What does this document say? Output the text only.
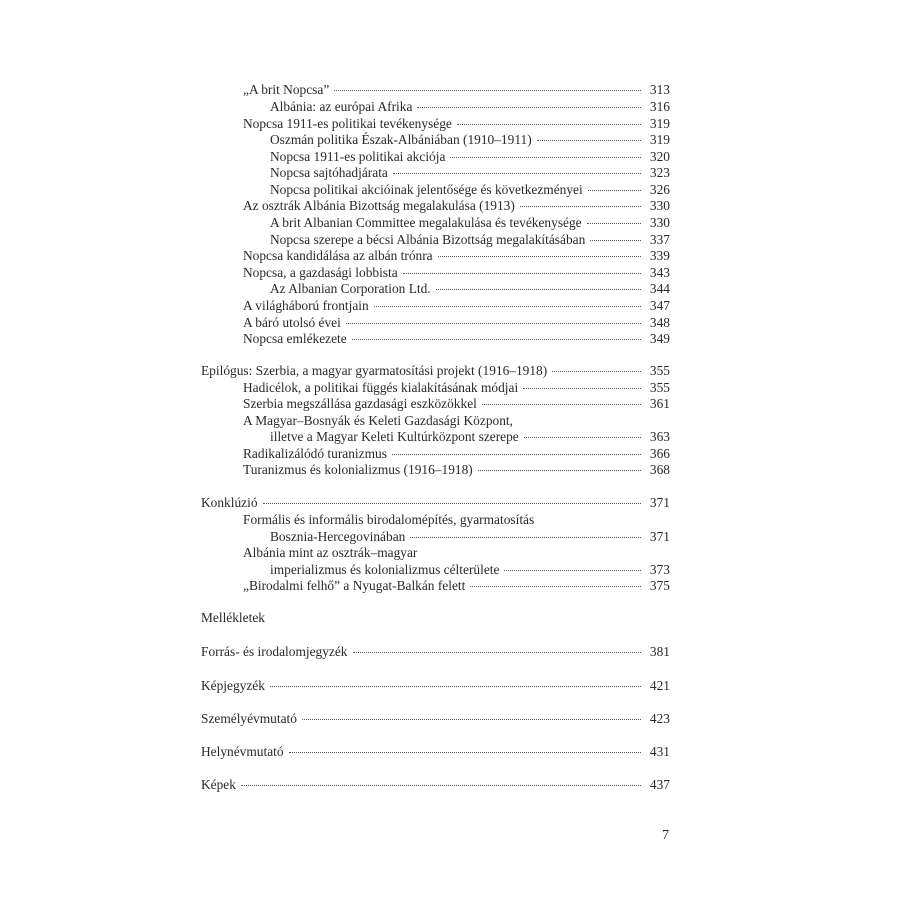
„A brit Nopcsa”	313
Albánia: az európai Afrika	316
Nopcsa 1911-es politikai tevékenysége	319
Oszmán politika Észak-Albániában (1910–1911)	319
Nopcsa 1911-es politikai akciója	320
Nopcsa sajtóhadjárata	323
Nopcsa politikai akcióinak jelentősége és következményei	326
Az osztrák Albánia Bizottság megalakulása (1913)	330
A brit Albanian Committee megalakulása és tevékenysége	330
Nopcsa szerepe a bécsi Albánia Bizottság megalakításában	337
Nopcsa kandidálása az albán trónra	339
Nopcsa, a gazdasági lobbista	343
Az Albanian Corporation Ltd.	344
A világháború frontjain	347
A báró utolsó évei	348
Nopcsa emlékezete	349
Epilógus: Szerbia, a magyar gyarmatosítási projekt (1916–1918)	355
Hadicélok, a politikai függés kialakításának módjai	355
Szerbia megszállása gazdasági eszközökkel	361
A Magyar–Bosnyák és Keleti Gazdasági Központ,
illetve a Magyar Keleti Kultúrközpont szerepe	363
Radikalizálódó turanizmus	366
Turanizmus és kolonializmus (1916–1918)	368
Konklúzió	371
Formális és informális birodalomépítés, gyarmatosítás
Bosznia-Hercegovinában	371
Albánia mint az osztrák–magyar
imperializmus és kolonializmus célterülete	373
„Birodalmi felhő” a Nyugat-Balkán felett	375
Mellékletek
Forrás- és irodalomjegyzék	381
Képjegyzék	421
Személyévmutató	423
Helynévmutató	431
Képek	437
7
